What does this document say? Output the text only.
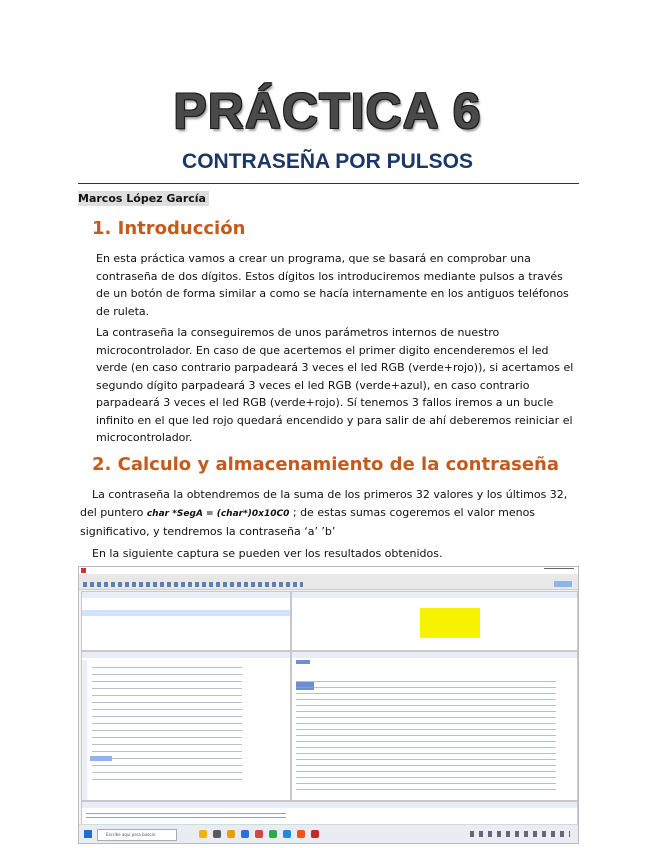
PRÁCTICA 6
CONTRASEÑA POR PULSOS
Marcos López García
1. Introducción

En esta práctica vamos a crear un programa, que se basará en comprobar una contraseña de dos dígitos. Estos dígitos los introduciremos mediante pulsos a través de un botón de forma similar a como se hacía internamente en los antiguos teléfonos de ruleta.

La contraseña la conseguiremos de unos parámetros internos de nuestro microcontrolador. En caso de que acertemos el primer digito encenderemos el led verde (en caso contrario parpadeará 3 veces el led RGB (verde+rojo)), si acertamos el segundo dígito parpadeará 3 veces el led RGB (verde+azul), en caso contrario parpadeará 3 veces el led RGB (verde+rojo). Sí tenemos 3 fallos iremos a un bucle infinito en el que led rojo quedará encendido y para salir de ahí deberemos reiniciar el microcontrolador.

2. Calculo y almacenamiento de la contraseña

La contraseña la obtendremos de la suma de los primeros 32 valores y los últimos 32, del puntero char *SegA = (char*)0x10C0 ; de estas sumas cogeremos el valor menos significativo, y tendremos la contraseña ‘a’ ’b’

En la siguiente captura se pueden ver los resultados obtenidos.

Escribe aquí para buscar
